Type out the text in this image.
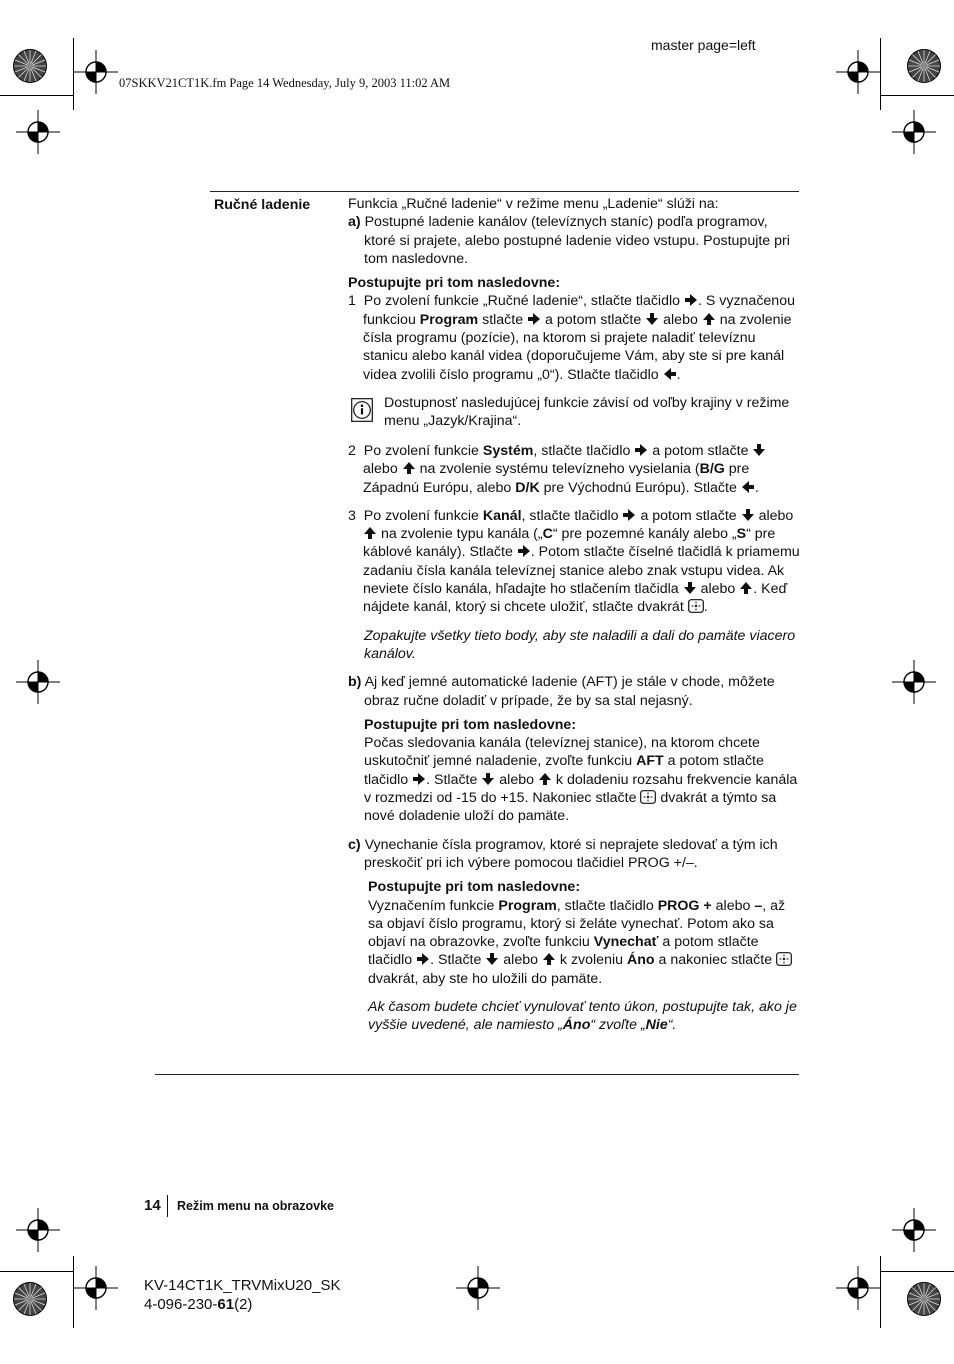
master page=left
07SKKV21CT1K.fm Page 14 Wednesday, July 9, 2003 11:02 AM
Ručné ladenie	Funkcia „Ručné ladenie“ v režime menu „Ladenie“ slúži na:

a) Postupné ladenie kanálov (televíznych staníc) podľa programov, ktoré si prajete, alebo postupné ladenie video vstupu. Postupujte pri tom nasledovne.

Postupujte pri tom nasledovne:

1 Po zvolení funkcie „Ručné ladenie“, stlačte tlačidlo . S vyznačenou funkciou Program stlačte a potom stlačte alebo na zvolenie čísla programu (pozície), na ktorom si prajete naladiť televíznu stanicu alebo kanál videa (doporučujeme Vám, aby ste si pre kanál videa zvolili číslo programu „0“). Stlačte tlačidlo .

Dostupnosť nasledujúcej funkcie závisí od voľby krajiny v režime menu „Jazyk/Krajina“.

2 Po zvolení funkcie Systém, stlačte tlačidlo a potom stlačte  alebo na zvolenie systému televízneho vysielania (B/G pre Západnú Európu, alebo D/K pre Východnú Európu). Stlačte .

3 Po zvolení funkcie Kanál, stlačte tlačidlo a potom stlačte alebo  na zvolenie typu kanála („C“ pre pozemné kanály alebo „S“ pre káblové kanály). Stlačte . Potom stlačte číselné tlačidlá k priamemu zadaniu čísla kanála televíznej stanice alebo znak vstupu videa. Ak neviete číslo kanála, hľadajte ho stlačením tlačidla alebo . Keď nájdete kanál, ktorý si chcete uložiť, stlačte dvakrát .

Zopakujte všetky tieto body, aby ste naladili a dali do pamäte viacero kanálov.

b) Aj keď jemné automatické ladenie (AFT) je stále v chode, môžete obraz ručne doladiť v prípade, že by sa stal nejasný.

Postupujte pri tom nasledovne:

Počas sledovania kanála (televíznej stanice), na ktorom chcete uskutočniť jemné naladenie, zvoľte funkciu AFT a potom stlačte tlačidlo . Stlačte alebo k doladeniu rozsahu frekvencie kanála v rozmedzi od -15 do +15. Nakoniec stlačte dvakrát a týmto sa nové doladenie uloží do pamäte.

c) Vynechanie čísla programov, ktoré si neprajete sledovať a tým ich preskočiť pri ich výbere pomocou tlačidiel PROG +/–.

Postupujte pri tom nasledovne:

Vyznačením funkcie Program, stlačte tlačidlo PROG + alebo –, až sa objaví číslo programu, ktorý si želáte vynechať. Potom ako sa objaví na obrazovke, zvoľte funkciu Vynechať a potom stlačte tlačidlo . Stlačte alebo k zvoleniu Áno a nakoniec stlačte  dvakrát, aby ste ho uložili do pamäte.

Ak časom budete chcieť vynulovať tento úkon, postupujte tak, ako je vyššie uvedené, ale namiesto „Áno“ zvoľte „Nie“.

14 Režim menu na obrazovke
KV-14CT1K_TRVMixU20_SK
4-096-230-61(2)
